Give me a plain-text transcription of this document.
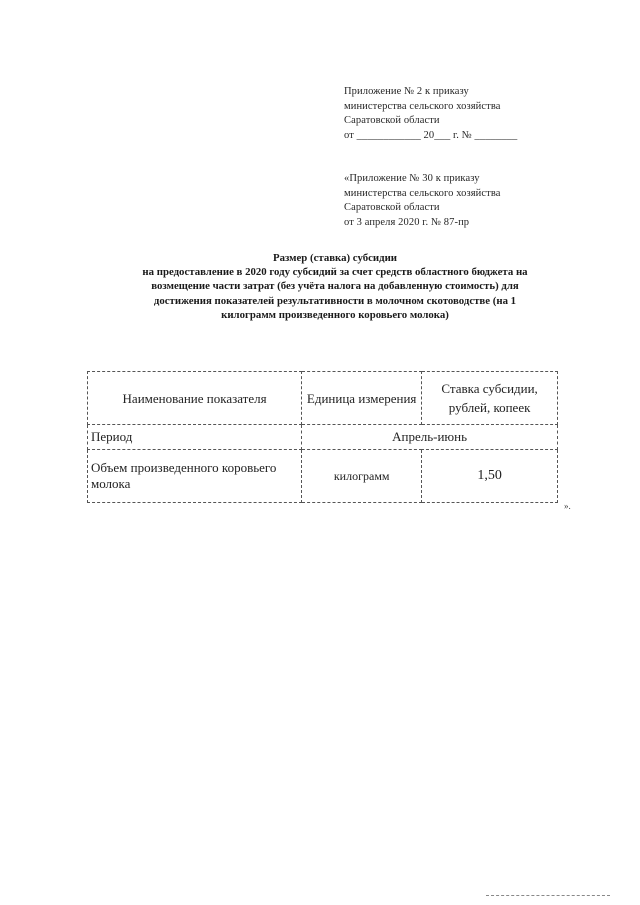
Приложение № 2 к приказу
министерства сельского хозяйства
Саратовской области
от ____________ 20___ г. № ________
«Приложение № 30 к приказу
министерства сельского хозяйства
Саратовской области
от 3 апреля 2020 г. № 87-пр
Размер (ставка) субсидии
на предоставление в 2020 году субсидий за счет средств областного бюджета на
возмещение части затрат (без учёта налога на добавленную стоимость) для
достижения показателей результативности в молочном скотоводстве (на 1
килограмм произведенного коровьего молока)
Наименование показателя	Единица измерения	Ставка субсидии, рублей, копеек
Период	Апрель-июнь	
Объем произведенного коровьего молока	килограмм	1,50
».
